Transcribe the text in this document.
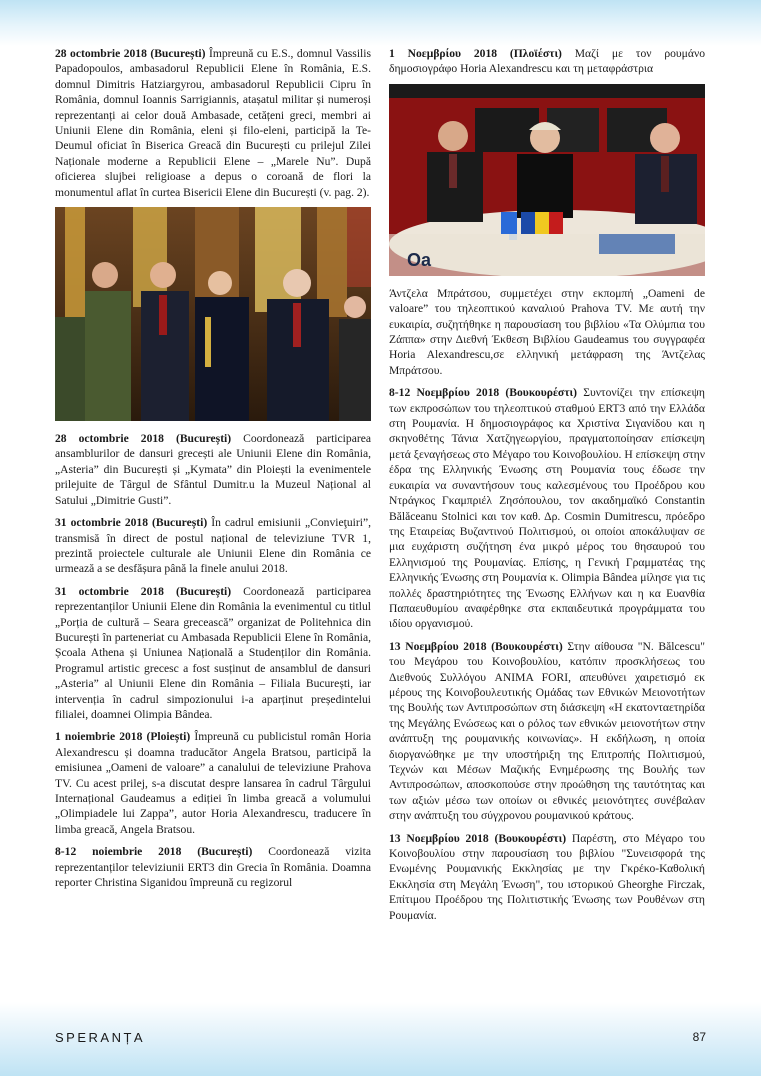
28 octombrie 2018 (București) Împreună cu E.S., domnul Vassilis Papadopoulos, ambasadorul Republicii Elene în România, E.S. domnul Dimitris Hatziargyrou, ambasadorul Republicii Cipru în România, domnul Ioannis Sarrigiannis, atașatul militar și numeroși reprezentanți ai celor două Ambasade, cetățeni greci, membri ai Uniunii Elene din România, eleni și filo-eleni, participă la Te-Deumul oficiat în Biserica Greacă din București cu prilejul Zilei Naționale moderne a Republicii Elene – „Marele Nu”. După oficierea slujbei religioase a depus o coroană de flori la monumentul aflat în curtea Bisericii Elene din București (v. pag. 2).

28 octombrie 2018 (București) Coordonează participarea ansamblurilor de dansuri grecești ale Uniunii Elene din România, „Asteria” din București și „Kymata” din Ploiești la evenimentele prilejuite de Târgul de Sfântul Dumitr.u la Muzeul Național al Satului „Dimitrie Gusti”.

31 octombrie 2018 (București) În cadrul emisiunii „Convieţuiri”, transmisă în direct de postul național de televiziune TVR 1, prezintă proiectele culturale ale Uniunii Elene din România ce urmează a se desfășura până la finele anului 2018.

31 octombrie 2018 (București) Coordonează participarea reprezentanților Uniunii Elene din România la evenimentul cu titlul „Porția de cultură – Seara grecească” organizat de Politehnica din București în parteneriat cu Ambasada Republicii Elene în România, Școala Athena și Uniunea Națională a Studenților din România. Programul artistic grecesc a fost susținut de ansamblul de dansuri „Asteria” al Uniunii Elene din România – Filiala București, iar intervenția în cadrul simpozionului i-a aparținut președintelui filialei, doamnei Olimpia Bândea.

1 noiembrie 2018 (Ploiești) Împreună cu publicistul român Horia Alexandrescu și doamna traducător Angela Bratsou, participă la emisiunea „Oameni de valoare” a canalului de televiziune Prahova TV. Cu acest prilej, s-a discutat despre lansarea în cadrul Târgului Internațional Gaudeamus a ediției în limba greacă a volumului „Olimpiadele lui Zappa”, autor Horia Alexandrescu, traducere în limba greacă, Angela Bratsou.

8-12 noiembrie 2018 (București) Coordonează vizita reprezentanților televiziunii ERT3 din Grecia în România. Doamna reporter Christina Siganidou împreună cu regizorul

1 Νοεμβρίου 2018 (Πλοϊέστι) Μαζί με τον ρουμάνο δημοσιογράφο Horia Alexandrescu και τη μεταφράστρια

Oa

Άντζελα Μπράτσου, συμμετέχει στην εκπομπή „Oameni de valoare” του τηλεοπτικού καναλιού Prahova TV. Με αυτή την ευκαιρία, συζητήθηκε η παρουσίαση του βιβλίου «Τα Ολύμπια του Ζάππα» στην Διεθνή Έκθεση Βιβλίου Gaudeamus του συγγραφέα Horia Alexandrescu,σε ελληνική μετάφραση της Άντζελας Μπράτσου.

8-12 Νοεμβρίου 2018 (Βουκουρέστι) Συντονίζει την επίσκεψη των εκπροσώπων του τηλεοπτικού σταθμού ERT3 από την Ελλάδα στη Ρουμανία. Η δημοσιογράφος κα Χριστίνα Σιγανίδου και η σκηνοθέτης Τάνια Χατζηγεωργίου, πραγματοποίησαν επίσκεψη μετά ξεναγήσεως στο Μέγαρο του Κοινοβουλίου. Η επίσκεψη στην έδρα της Ελληνικής Ένωσης στη Ρουμανία τους έδωσε την ευκαιρία να συναντήσουν τους καλεσμένους του Προέδρου κου Ντράγκος Γκαμπριέλ Ζησόπουλου, τον ακαδημαϊκό Constantin Bălăceanu Stolnici και τον καθ. Δρ. Cosmin Dumitrescu, πρόεδρο της Εταιρείας Βυζαντινού Πολιτισμού, οι οποίοι αποκάλυψαν σε μια ευχάριστη συζήτηση ένα μικρό μέρος του θησαυρού του Ελληνισμού της Ρουμανίας. Επίσης, η Γενική Γραμματέας της Ελληνικής Ένωσης στη Ρουμανία κ. Olimpia Bândea μίλησε για τις πολλές δραστηριότητες της Ένωσης Ελλήνων και η κα Ευανθία Παπαευθυμίου αναφέρθηκε στα εκπαιδευτικά προγράμματα του ιδίου οργανισμού.

13 Νοεμβρίου 2018 (Βουκουρέστι) Στην αίθουσα "N. Bălcescu" του Μεγάρου του Κοινοβουλίου, κατόπιν προσκλήσεως του Διεθνούς Συλλόγου ANIMA FORI, απευθύνει χαιρετισμό εκ μέρους της Κοινοβουλευτικής Ομάδας των Εθνικών Μειονοτήτων της Βουλής των Αντιπροσώπων στη διάσκεψη «Η εκατονταετηρίδα της Μεγάλης Ενώσεως και ο ρόλος των εθνικών μειονοτήτων στην ανάπτυξη της ρουμανικής κοινωνίας». Η εκδήλωση, η οποία διοργανώθηκε με την υποστήριξη της Επιτροπής Πολιτισμού, Τεχνών και Μέσων Μαζικής Ενημέρωσης της Βουλής των Αντιπροσώπων, αποσκοπούσε στην προώθηση της ταυτότητας και των αξιών μέσω των οποίων οι εθνικές μειονότητες συνέβαλαν στην ανάπτυξη του σύγχρονου ρουμανικού κράτους.

13 Νοεμβρίου 2018 (Βουκουρέστι) Παρέστη, στο Μέγαρο του Κοινοβουλίου στην παρουσίαση του βιβλίου "Συνεισφορά της Ενωμένης Ρουμανικής Εκκλησίας με την Γκρέκο-Καθολική Εκκλησία στη Μεγάλη Ένωση", του ιστορικού Gheorghe Firczak, Επίτιμου Προέδρου της Πολιτιστικής Ένωσης των Ρουθένων στη Ρουμανία.

SPERANȚA	87
